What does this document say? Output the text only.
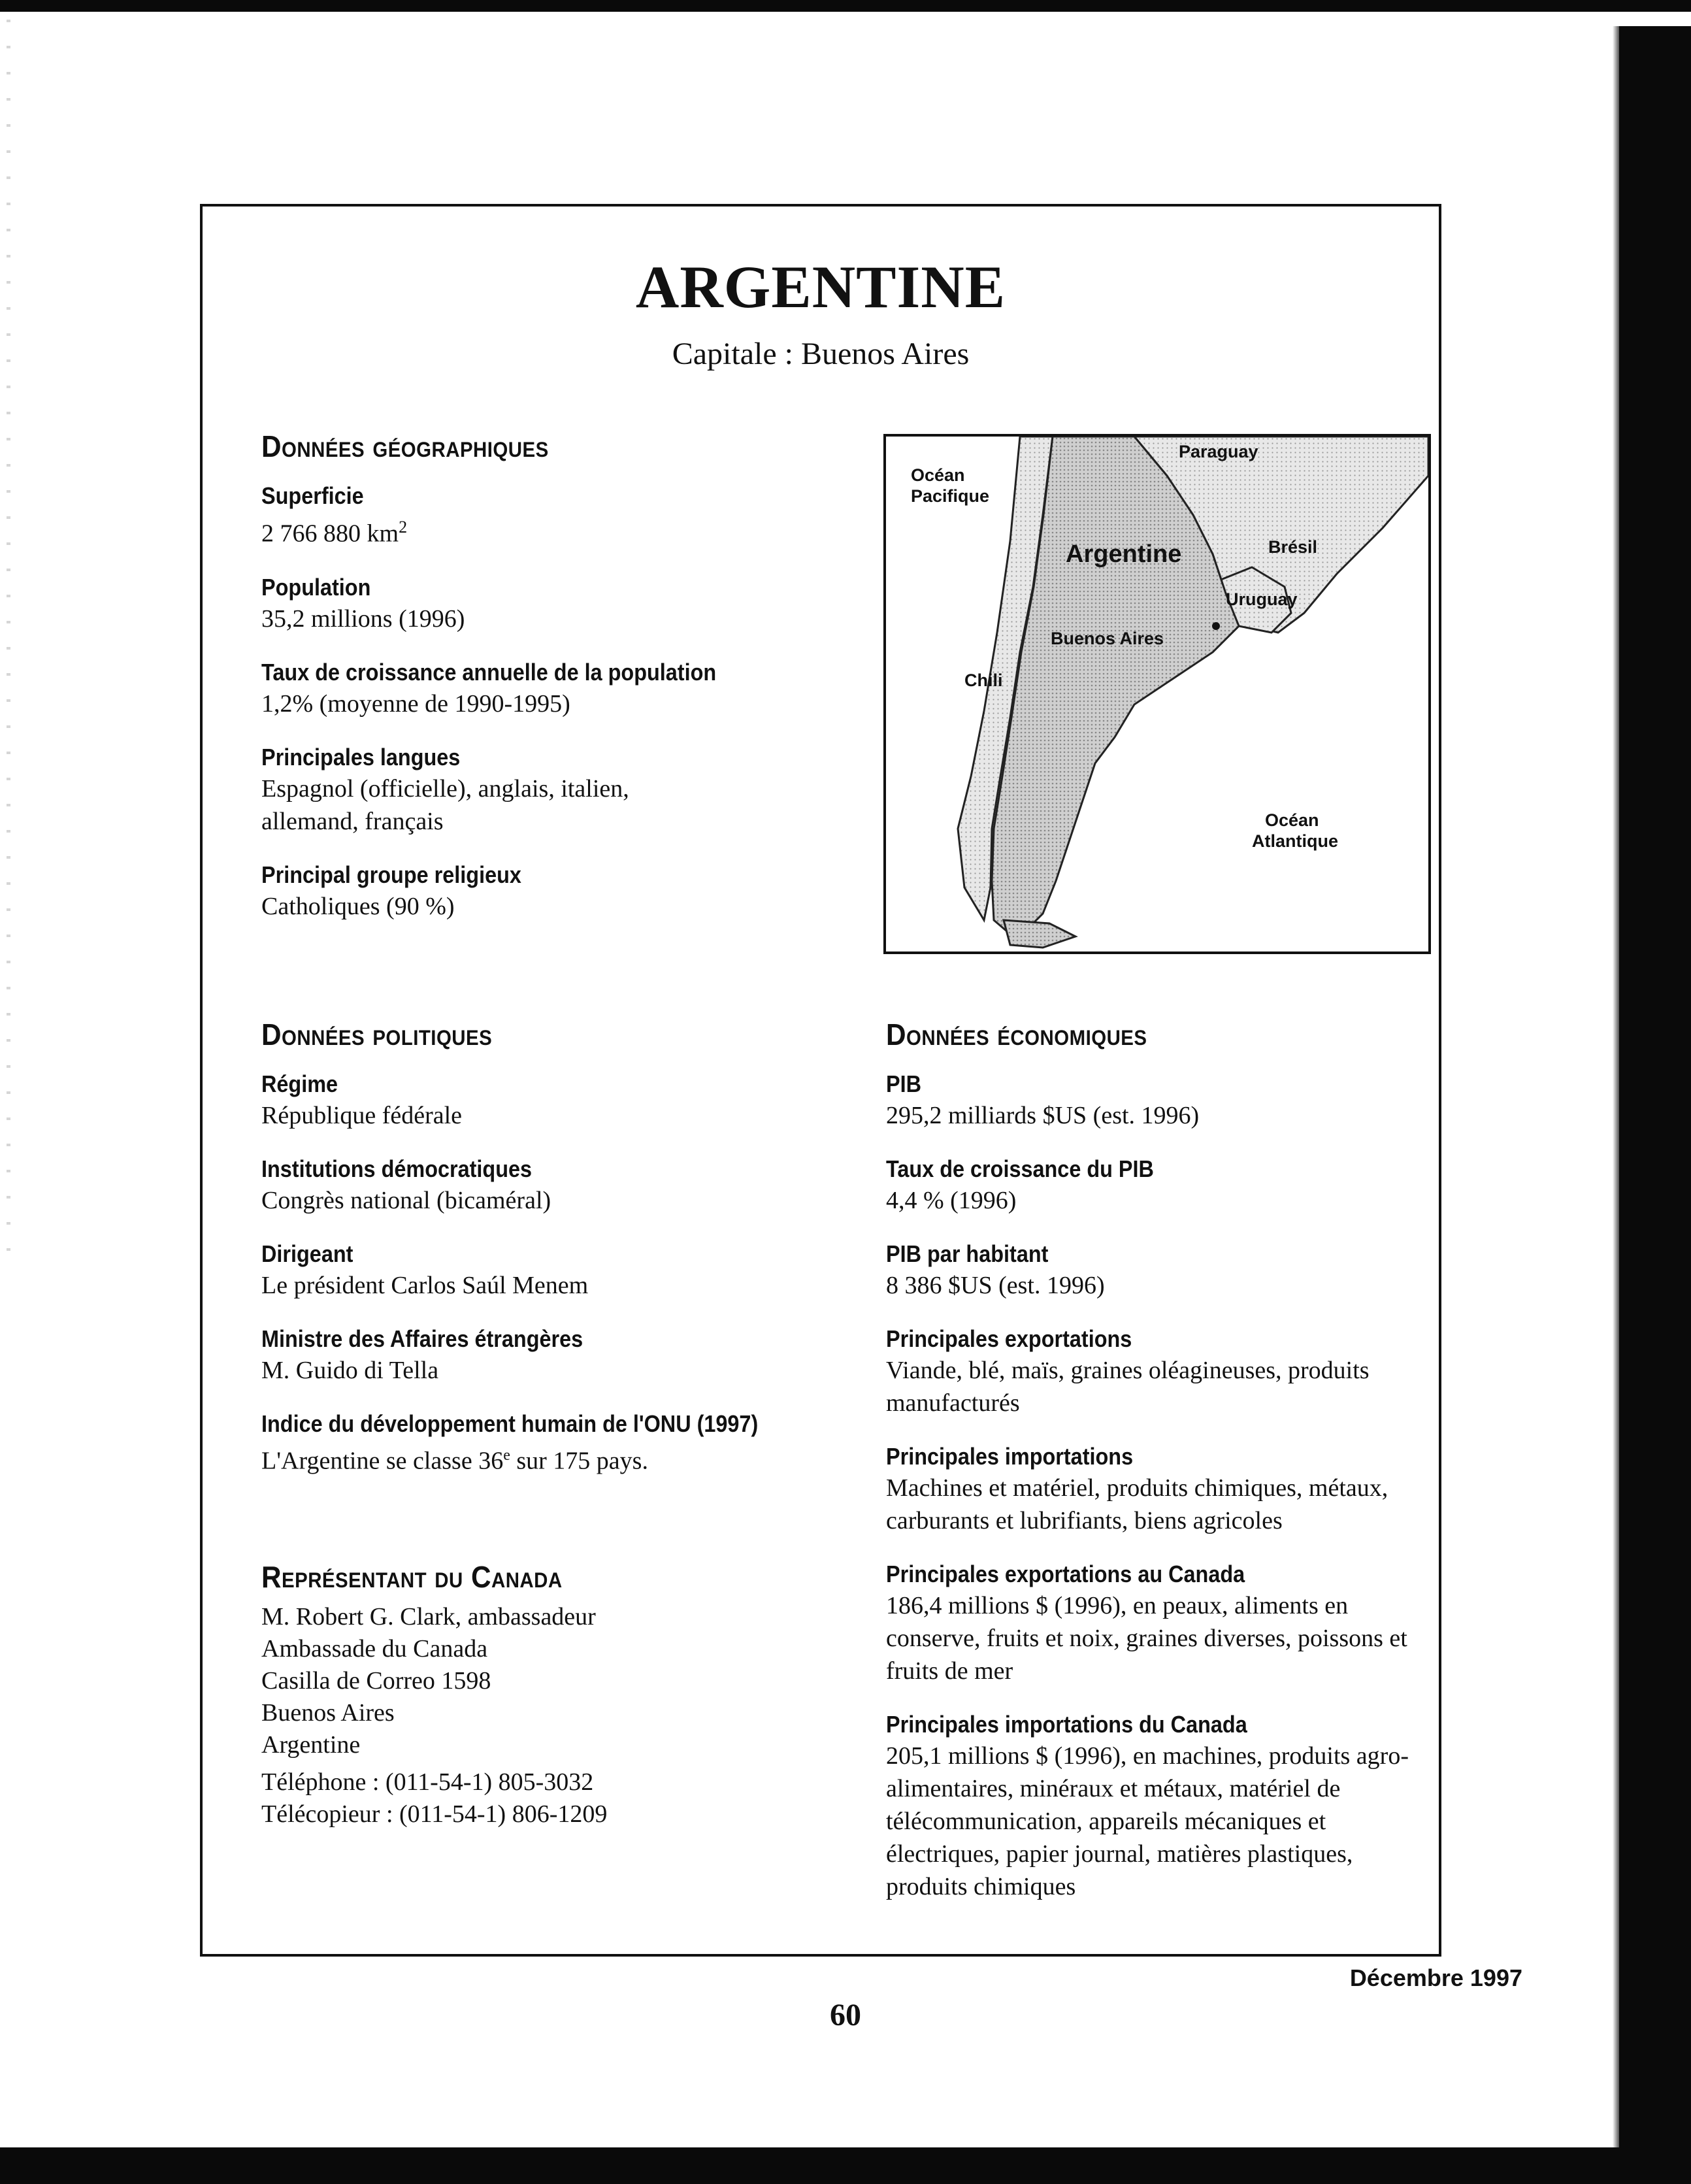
ARGENTINE
Capitale : Buenos Aires
Données géographiques
Superficie
2 766 880 $km^2$
Population
35,2 millions (1996)
Taux de croissance annuelle de la population
1,2% (moyenne de 1990-1995)
Principales langues
Espagnol (officielle), anglais, italien, allemand, français
Principal groupe religieux
Catholiques (90 %)
Données politiques
Régime
République fédérale
Institutions démocratiques
Congrès national (bicaméral)
Dirigeant
Le président Carlos Saúl Menem
Ministre des Affaires étrangères
M. Guido di Tella
Indice du développement humain de l'ONU (1997)
L'Argentine se classe 36e sur 175 pays.
Représentant du Canada
M. Robert G. Clark, ambassadeur
Ambassade du Canada
Casilla de Correo 1598
Buenos Aires
Argentine
Téléphone : (011-54-1) 805-3032
Télécopieur : (011-54-1) 806-1209
Données économiques
PIB
295,2 milliards $US (est. 1996)
Taux de croissance du PIB
4,4 % (1996)
PIB par habitant
8 386 $US (est. 1996)
Principales exportations
Viande, blé, maïs, graines oléagineuses, produits manufacturés
Principales importations
Machines et matériel, produits chimiques, métaux, carburants et lubrifiants, biens agricoles
Principales exportations au Canada
186,4 millions $ (1996), en peaux, aliments en conserve, fruits et noix, graines diverses, poissons et fruits de mer
Principales importations du Canada
205,1 millions $ (1996), en machines, produits agro-alimentaires, minéraux et métaux, matériel de télécommunication, appareils mécaniques et électriques, papier journal, matières plastiques, produits chimiques
Océan
Pacifique
Paraguay
Brésil
Argentine
Uruguay
Buenos Aires
Chili
Océan
Atlantique
Décembre 1997
60
